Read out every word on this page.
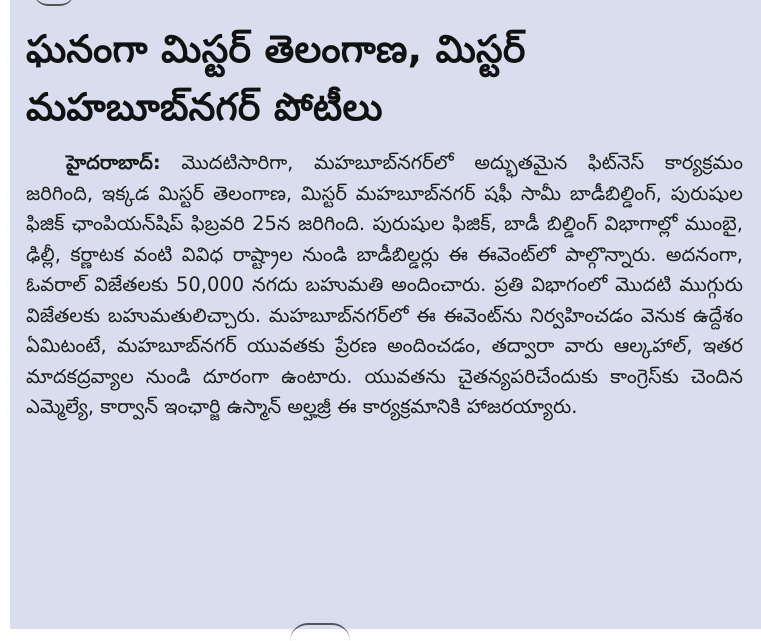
ఘనంగా మిస్టర్ తెలంగాణ, మిస్టర్ మహబూబ్‌నగర్ పోటీలు

హైదరాబాద్: మొదటిసారిగా, మహబూబ్‌నగర్‌లో అద్భుతమైన ఫిట్‌నెస్ కార్యక్రమం జరిగింది, ఇక్కడ మిస్టర్ తెలంగాణ, మిస్టర్ మహబూబ్‌నగర్ షఫీ సామీ బాడీబిల్డింగ్, పురుషుల ఫిజిక్ ఛాంపియన్‌షిప్ ఫిబ్రవరి 25న జరిగింది. పురుషుల ఫిజిక్, బాడీ బిల్డింగ్ విభాగాల్లో ముంబై, ఢిల్లీ, కర్ణాటక వంటి వివిధ రాష్ట్రాల నుండి బాడీబిల్డర్లు ఈ ఈవెంట్‌లో పాల్గొన్నారు. అదనంగా, ఓవరాల్ విజేతలకు 50,000 నగదు బహుమతి అందించారు. ప్రతి విభాగంలో మొదటి ముగ్గురు విజేతలకు బహుమతులిచ్చారు. మహబూబ్‌నగర్‌లో ఈ ఈవెంట్‌ను నిర్వహించడం వెనుక ఉద్దేశం ఏమిటంటే, మహబూబ్‌నగర్ యువతకు ప్రేరణ అందించడం, తద్వారా వారు ఆల్కహాల్, ఇతర మాదకద్రవ్యాల నుండి దూరంగా ఉంటారు. యువతను చైతన్యపరిచేందుకు కాంగ్రెస్‌కు చెందిన ఎమ్మెల్యే, కార్వాన్ ఇంఛార్జి ఉస్మాన్ అల్హజ్రీ ఈ కార్యక్రమానికి హాజరయ్యారు.
